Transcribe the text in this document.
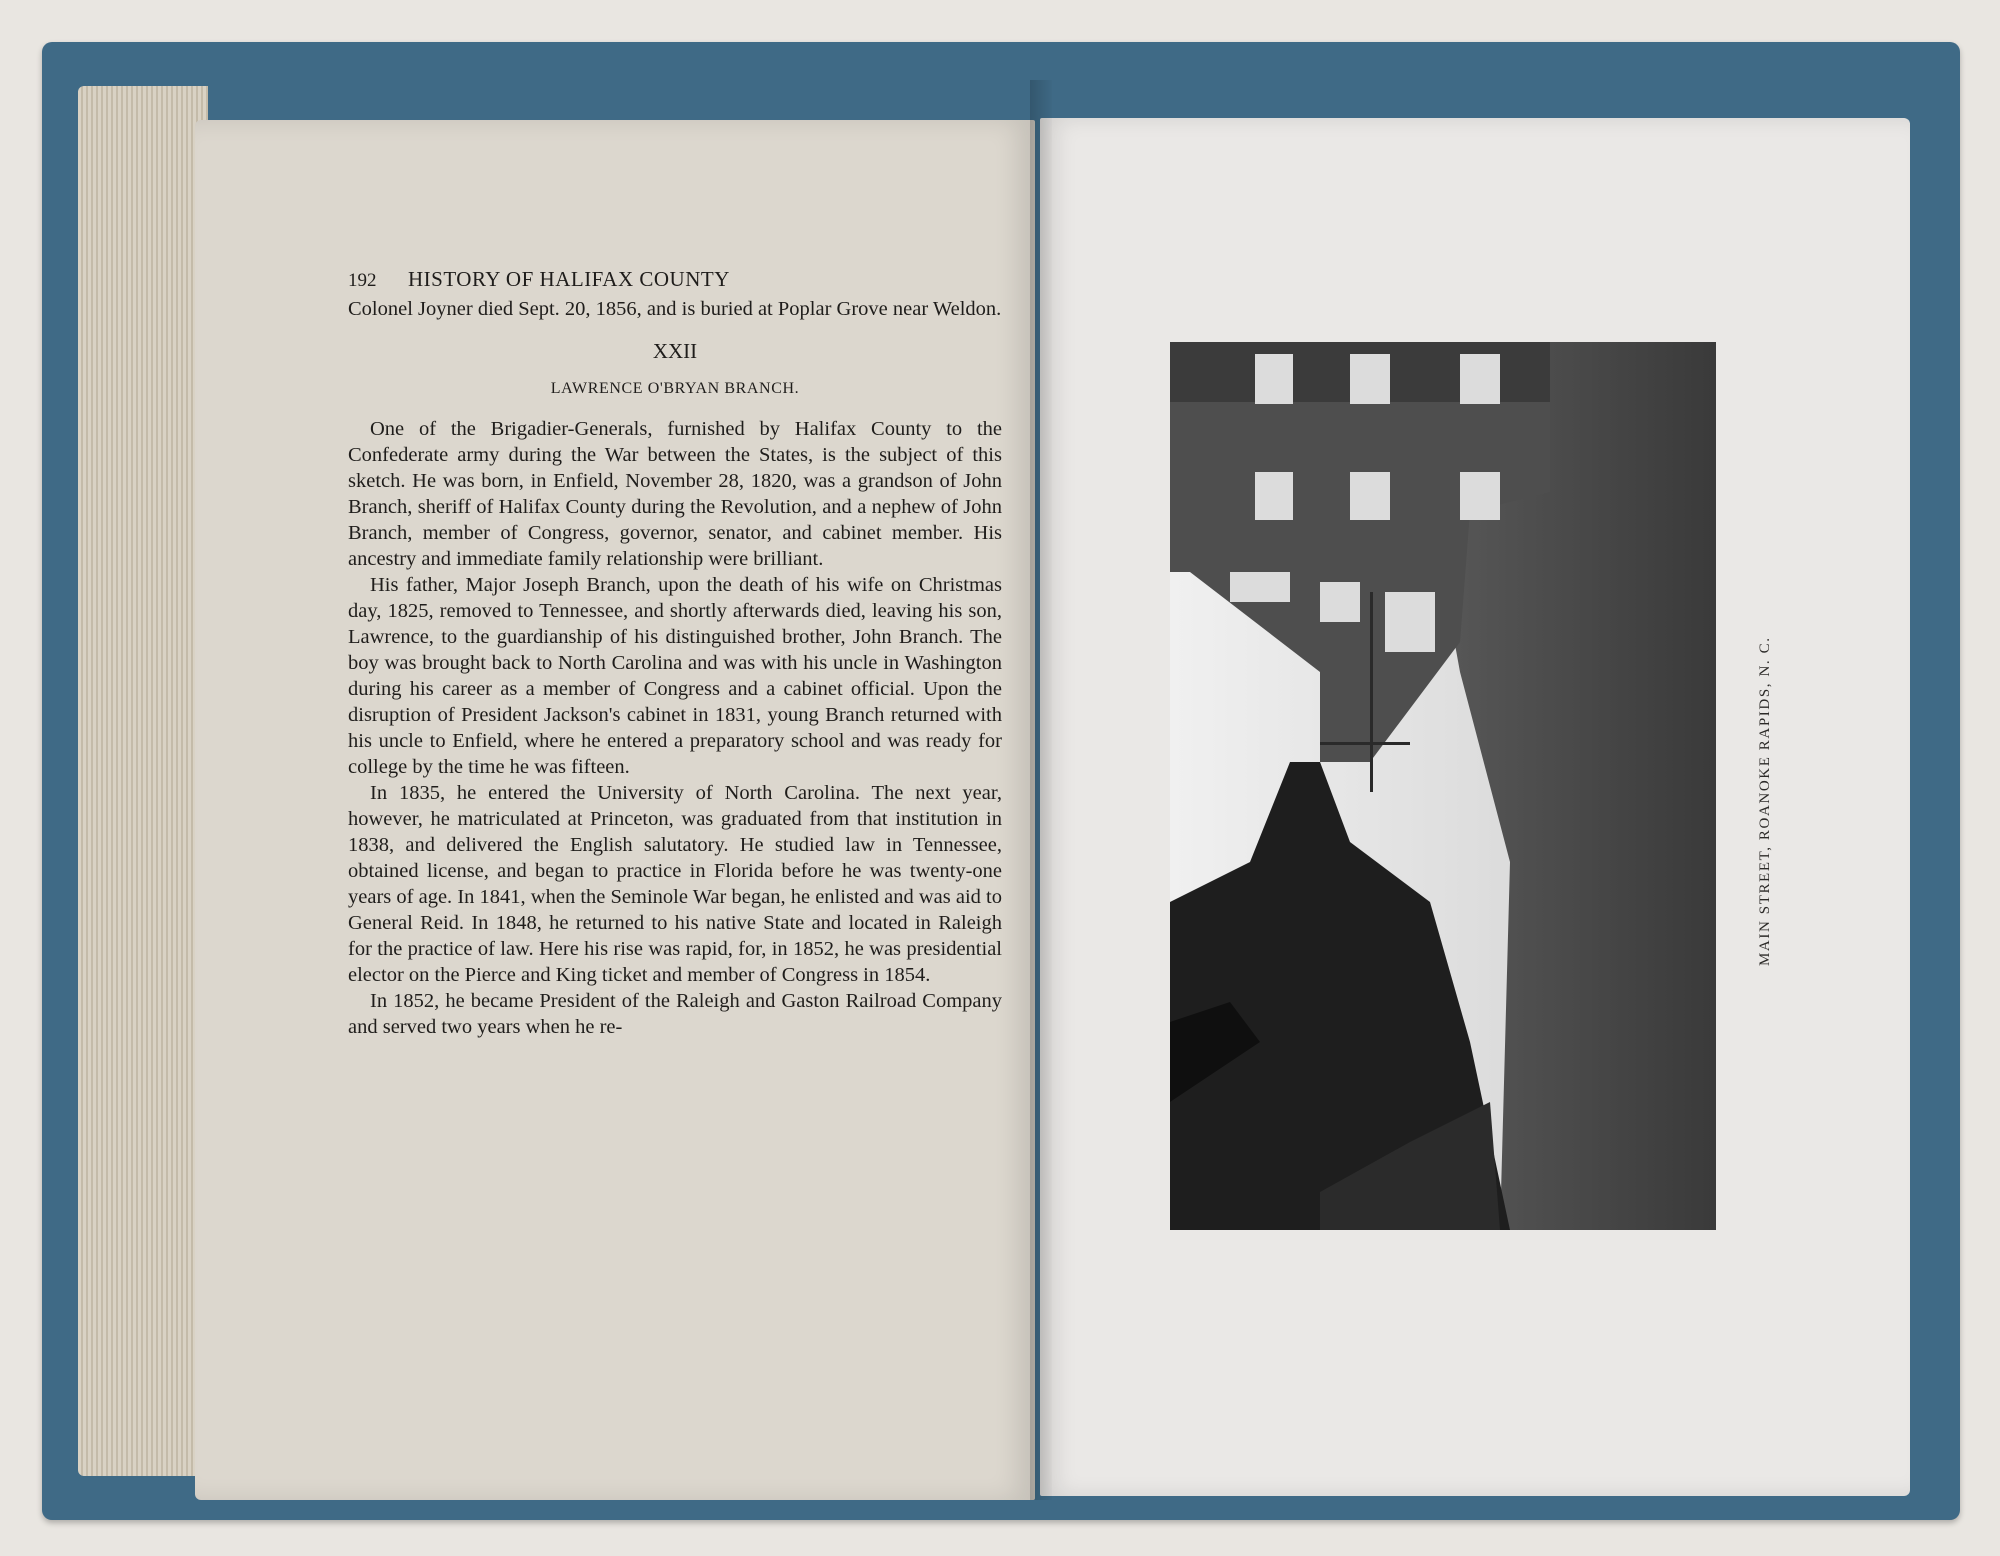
192	HISTORY OF HALIFAX COUNTY

Colonel Joyner died Sept. 20, 1856, and is buried at Poplar Grove near Weldon.

XXII
LAWRENCE O'BRYAN BRANCH.

One of the Brigadier-Generals, furnished by Halifax County to the Confederate army during the War between the States, is the subject of this sketch. He was born, in Enfield, November 28, 1820, was a grandson of John Branch, sheriff of Halifax County during the Revolution, and a nephew of John Branch, member of Congress, governor, senator, and cabinet member. His ancestry and immediate family relationship were brilliant.

His father, Major Joseph Branch, upon the death of his wife on Christmas day, 1825, removed to Tennessee, and shortly afterwards died, leaving his son, Lawrence, to the guardianship of his distinguished brother, John Branch. The boy was brought back to North Carolina and was with his uncle in Washington during his career as a member of Congress and a cabinet official. Upon the disruption of President Jackson's cabinet in 1831, young Branch returned with his uncle to Enfield, where he entered a preparatory school and was ready for college by the time he was fifteen.

In 1835, he entered the University of North Carolina. The next year, however, he matriculated at Princeton, was graduated from that institution in 1838, and delivered the English salutatory. He studied law in Tennessee, obtained license, and began to practice in Florida before he was twenty-one years of age. In 1841, when the Seminole War began, he enlisted and was aid to General Reid. In 1848, he returned to his native State and located in Raleigh for the practice of law. Here his rise was rapid, for, in 1852, he was presidential elector on the Pierce and King ticket and member of Congress in 1854.

In 1852, he became President of the Raleigh and Gaston Railroad Company and served two years when he re-

MAIN STREET, ROANOKE RAPIDS, N. C.
